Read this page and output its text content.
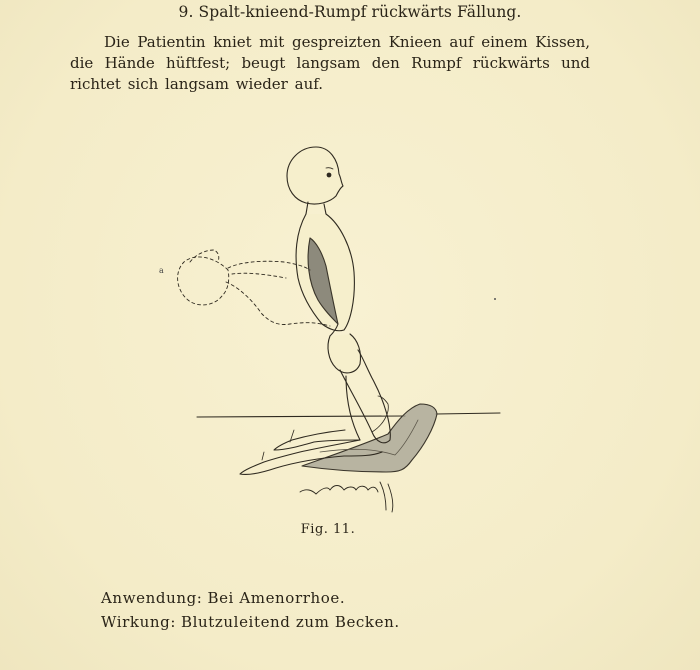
9. Spalt-knieend-Rumpf rückwärts Fällung.
Die Patientin kniet mit gespreizten Knieen auf einem Kissen, die Hände hüftfest; beugt langsam den Rumpf rückwärts und richtet sich langsam wieder auf.
a
N Bourcart
Fig. 11.
Anwendung: Bei Amenorrhoe.
Wirkung: Blutzuleitend zum Becken.
